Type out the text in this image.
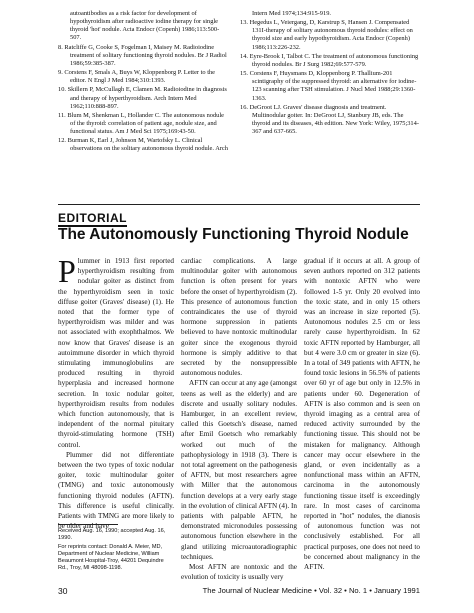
autoantibodies as a risk factor for development of hypothyroidism after radioactive iodine therapy for single thyroid 'hot' nodule. Acta Endocr (Copenh) 1986;113:500-507.

8. Ratcliffe G, Cooke S, Fogelman I, Maisey M. Radioiodine treatment of solitary functioning thyroid nodules. Br J Radiol 1986;59:385-387.

9. Corstens F, Smals A, Buys W, Kloppenborg P. Letter to the editor. N Engl J Med 1984;310:1393.

10. Skillern P, McCullagh E, Clamen M. Radioiodine in diagnosis and therapy of hyperthyroidism. Arch Intern Med 1962;110:888-897.

11. Blum M, Shenkman L, Hollander C. The autonomous nodule of the thyroid: correlation of patient age, nodule size, and functional status. Am J Med Sci 1975;169:43-50.

12. Burman K, Earl J, Johnson M, Wartofsky L. Clinical observations on the solitary autonomous thyroid nodule. Arch

Intern Med 1974;134:915-919.

13. Hegedus L, Veiergang, D, Karstrup S, Hansen J. Compensated 131I-therapy of solitary autonomous thyroid nodules: effect on thyroid size and early hypothyroidism. Acta Endocr (Copenh) 1986;113:226-232.

14. Eyre-Brook I, Talbot C. The treatment of autonomous functioning thyroid nodules. Br J Surg 1982;69:577-579.

15. Corstens F, Huysmans D, Kloppenborg P. Thallium-201 scintigraphy of the suppressed thyroid: an alternative for iodine-123 scanning after TSH stimulation. J Nucl Med 1988;29:1360-1363.

16. DeGroot LJ. Graves' disease diagnosis and treatment. Multinodular goiter. In: DeGroot LJ, Stanbury JB, eds. The thyroid and its diseases, 4th edition. New York: Wiley, 1975;314-367 and 637-665.

EDITORIAL
The Autonomously Functioning Thyroid Nodule

Plummer in 1913 first reported hyperthyroidism resulting from nodular goiter as distinct from the hyperthyroidism seen in toxic diffuse goiter (Graves' disease) (1). He noted that the former type of hyperthyroidism was milder and was not associated with exophthalmos. We now know that Graves' disease is an autoimmune disorder in which thyroid stimulating immunoglobulins are produced resulting in thyroid hyperplasia and increased hormone secretion. In toxic nodular goiter, hyperthyroidism results from nodules which function autonomously, that is independent of the normal pituitary thyroid-stimulating hormone (TSH) control.

Plummer did not differentiate between the two types of toxic nodular goiter, toxic multinodular goiter (TMNG) and toxic autonomously functioning thyroid nodules (AFTN). This difference is useful clinically. Patients with TMNG are more likely to be older and have

cardiac complications. A large multinodular goiter with autonomous function is often present for years before the onset of hyperthyroidism (2). This presence of autonomous function contraindicates the use of thyroid hormone suppression in patients believed to have nontoxic multinodular goiter since the exogenous thyroid hormone is simply additive to that secreted by the nonsuppressible autonomous nodules.

AFTN can occur at any age (amongst teens as well as the elderly) and are discrete and usually solitary nodules. Hamburger, in an excellent review, called this Goetsch's disease, named after Emil Goetsch who remarkably worked out much of the pathophysiology in 1918 (3). There is not total agreement on the pathogenesis of AFTN, but most researchers agree with Miller that the autonomous function develops at a very early stage in the evolution of clinical AFTN (4). In patients with palpable AFTN, he demonstrated micronodules possessing autonomous function elsewhere in the gland utilizing microautoradiographic techniques.

Most AFTN are nontoxic and the evolution of toxicity is usually very

gradual if it occurs at all. A group of seven authors reported on 312 patients with nontoxic AFTN who were followed 1-5 yr. Only 20 evolved into the toxic state, and in only 15 others was an increase in size reported (5). Autonomous nodules 2.5 cm or less rarely cause hyperthyroidism. In 62 toxic AFTN reported by Hamburger, all but 4 were 3.0 cm or greater in size (6). In a total of 349 patients with AFTN, he found toxic lesions in 56.5% of patients over 60 yr of age but only in 12.5% in patients under 60. Degeneration of AFTN is also common and is seen on thyroid imaging as a central area of reduced activity surrounded by the functioning tissue. This should not be mistaken for malignancy. Although cancer may occur elsewhere in the gland, or even incidentally as a nonfunctional mass within an AFTN, carcinoma in the autonomously functioning tissue itself is exceedingly rare. In most cases of carcinoma reported in "hot" nodules, the dianosis of autonomous function was not conclusively established. For all practical purposes, one does not need to be concerned about malignancy in the AFTN.

Received Aug. 16, 1990; accepted Aug. 16, 1990.

For reprints contact: Donald A. Meier, MD, Department of Nuclear Medicine, William Beaumont Hospital-Troy, 44201 Dequindre Rd., Troy, MI 48098-1198.

30	The Journal of Nuclear Medicine • Vol. 32 • No. 1 • January 1991
